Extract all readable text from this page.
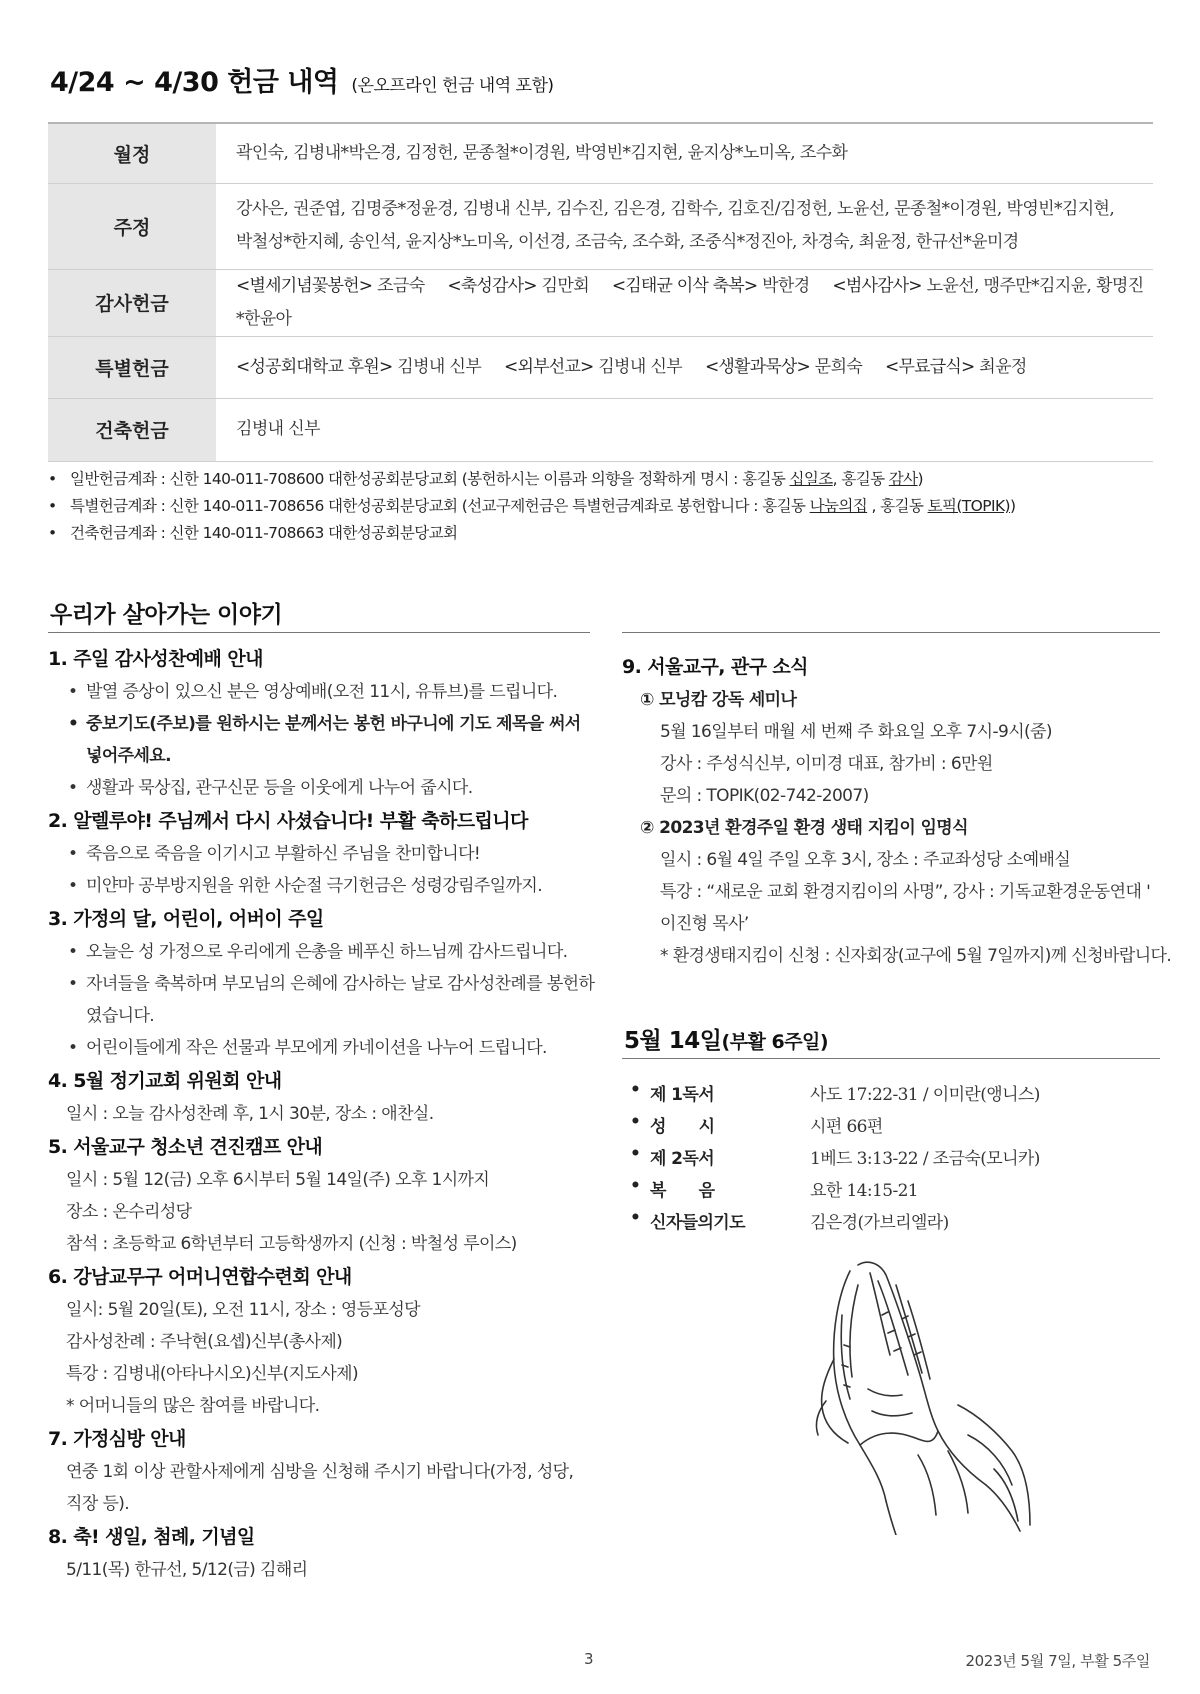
4/24 ~ 4/30 헌금 내역 (온오프라인 헌금 내역 포함)
월정	곽인숙, 김병내*박은경, 김정헌, 문종철*이경원, 박영빈*김지현, 윤지상*노미옥, 조수화
주정	강사은, 권준엽, 김명중*정윤경, 김병내 신부, 김수진, 김은경, 김학수, 김호진/김정헌, 노윤선, 문종철*이경원, 박영빈*김지현,
박철성*한지혜, 송인석, 윤지상*노미옥, 이선경, 조금숙, 조수화, 조중식*정진아, 차경숙, 최윤정, 한규선*윤미경

감사헌금	<별세기념꽃봉헌> 조금숙 <축성감사> 김만회 <김태균 이삭 축복> 박한경 <범사감사> 노윤선, 맹주만*김지윤, 황명진*한윤아
특별헌금	<성공회대학교 후원> 김병내 신부 <외부선교> 김병내 신부 <생활과묵상> 문희숙 <무료급식> 최윤정
건축헌금	김병내 신부
• 일반헌금계좌 : 신한 140-011-708600 대한성공회분당교회 (봉헌하시는 이름과 의향을 정확하게 명시 : 홍길동 십일조, 홍길동 감사)
• 특별헌금계좌 : 신한 140-011-708656 대한성공회분당교회 (선교구제헌금은 특별헌금계좌로 봉헌합니다 : 홍길동 나눔의집 , 홍길동 토픽(TOPIK))
• 건축헌금계좌 : 신한 140-011-708663 대한성공회분당교회
우리가 살아가는 이야기
1. 주일 감사성찬예배 안내
• 발열 증상이 있으신 분은 영상예배(오전 11시, 유튜브)를 드립니다.
• 중보기도(주보)를 원하시는 분께서는 봉헌 바구니에 기도 제목을 써서
넣어주세요.
• 생활과 묵상집, 관구신문 등을 이웃에게 나누어 줍시다.
2. 알렐루야! 주님께서 다시 사셨습니다! 부활 축하드립니다
• 죽음으로 죽음을 이기시고 부활하신 주님을 찬미합니다!
• 미얀마 공부방지원을 위한 사순절 극기헌금은 성령강림주일까지.
3. 가정의 달, 어린이, 어버이 주일
• 오늘은 성 가정으로 우리에게 은총을 베푸신 하느님께 감사드립니다.
• 자녀들을 축복하며 부모님의 은혜에 감사하는 날로 감사성찬례를 봉헌하
였습니다.
• 어린이들에게 작은 선물과 부모에게 카네이션을 나누어 드립니다.
4. 5월 정기교회 위원회 안내
일시 : 오늘 감사성찬례 후, 1시 30분, 장소 : 애찬실.
5. 서울교구 청소년 견진캠프 안내
일시 : 5월 12(금) 오후 6시부터 5월 14일(주) 오후 1시까지
장소 : 온수리성당
참석 : 초등학교 6학년부터 고등학생까지 (신청 : 박철성 루이스)
6. 강남교무구 어머니연합수련회 안내
일시: 5월 20일(토), 오전 11시, 장소 : 영등포성당
감사성찬례 : 주낙현(요셉)신부(총사제)
특강 : 김병내(아타나시오)신부(지도사제)
* 어머니들의 많은 참여를 바랍니다.
7. 가정심방 안내
연중 1회 이상 관할사제에게 심방을 신청해 주시기 바랍니다(가정, 성당,
직장 등).
8. 축! 생일, 첨례, 기념일
5/11(목) 한규선, 5/12(금) 김해리
9. 서울교구, 관구 소식
① 모닝캄 강독 세미나
5월 16일부터 매월 세 번째 주 화요일 오후 7시-9시(줌)
강사 : 주성식신부, 이미경 대표, 참가비 : 6만원
문의 : TOPIK(02-742-2007)
② 2023년 환경주일 환경 생태 지킴이 임명식
일시 : 6월 4일 주일 오후 3시, 장소 : 주교좌성당 소예배실
특강 : “새로운 교회 환경지킴이의 사명”, 강사 : 기독교환경운동연대 '
이진형 목사’
* 환경생태지킴이 신청 : 신자회장(교구에 5월 7일까지)께 신청바랍니다.
5월 14일(부활 6주일)
• 제 1독서	사도 17:22-31 / 이미란(앵니스)
• 성　　시	시편 66편
• 제 2독서	1베드 3:13-22 / 조금숙(모니카)
• 복　　음	요한 14:15-21
• 신자들의기도	김은경(가브리엘라)
3	2023년 5월 7일, 부활 5주일
